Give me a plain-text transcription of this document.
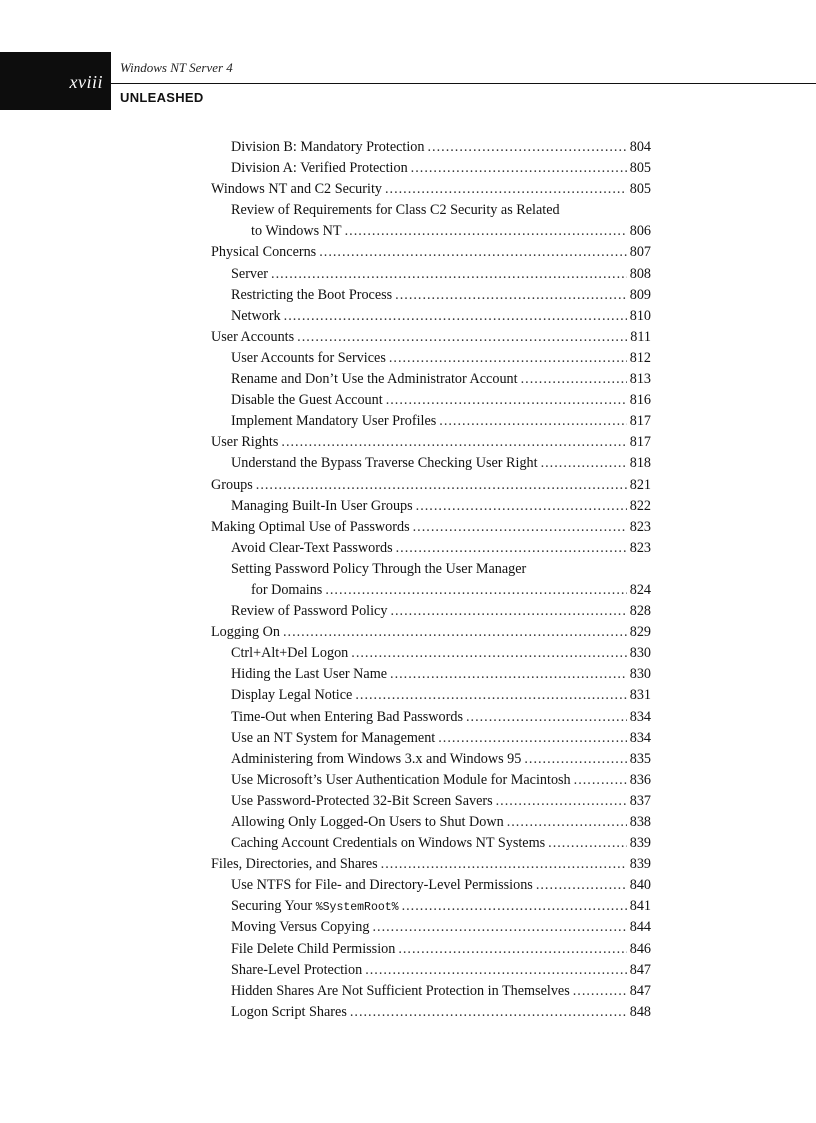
xviii
Windows NT Server 4
UNLEASHED
Division B: Mandatory Protection .....	804
Division A: Verified Protection .....	805
Windows NT and C2 Security .....	805
Review of Requirements for Class C2 Security as Related
to Windows NT .....	806
Physical Concerns .....	807
Server .....	808
Restricting the Boot Process .....	809
Network .....	810
User Accounts .....	811
User Accounts for Services .....	812
Rename and Don’t Use the Administrator Account .....	813
Disable the Guest Account .....	816
Implement Mandatory User Profiles .....	817
User Rights .....	817
Understand the Bypass Traverse Checking User Right .....	818
Groups .....	821
Managing Built-In User Groups .....	822
Making Optimal Use of Passwords .....	823
Avoid Clear-Text Passwords .....	823
Setting Password Policy Through the User Manager
for Domains .....	824
Review of Password Policy .....	828
Logging On .....	829
Ctrl+Alt+Del Logon .....	830
Hiding the Last User Name .....	830
Display Legal Notice .....	831
Time-Out when Entering Bad Passwords .....	834
Use an NT System for Management .....	834
Administering from Windows 3.x and Windows 95 .....	835
Use Microsoft’s User Authentication Module for Macintosh .....	836
Use Password-Protected 32-Bit Screen Savers .....	837
Allowing Only Logged-On Users to Shut Down .....	838
Caching Account Credentials on Windows NT Systems .....	839
Files, Directories, and Shares .....	839
Use NTFS for File- and Directory-Level Permissions .....	840
Securing Your
%SystemRoot% .....	841
Moving Versus Copying .....	844
File Delete Child Permission .....	846
Share-Level Protection .....	847
Hidden Shares Are Not Sufficient Protection in Themselves .....	847
Logon Script Shares .....	848
